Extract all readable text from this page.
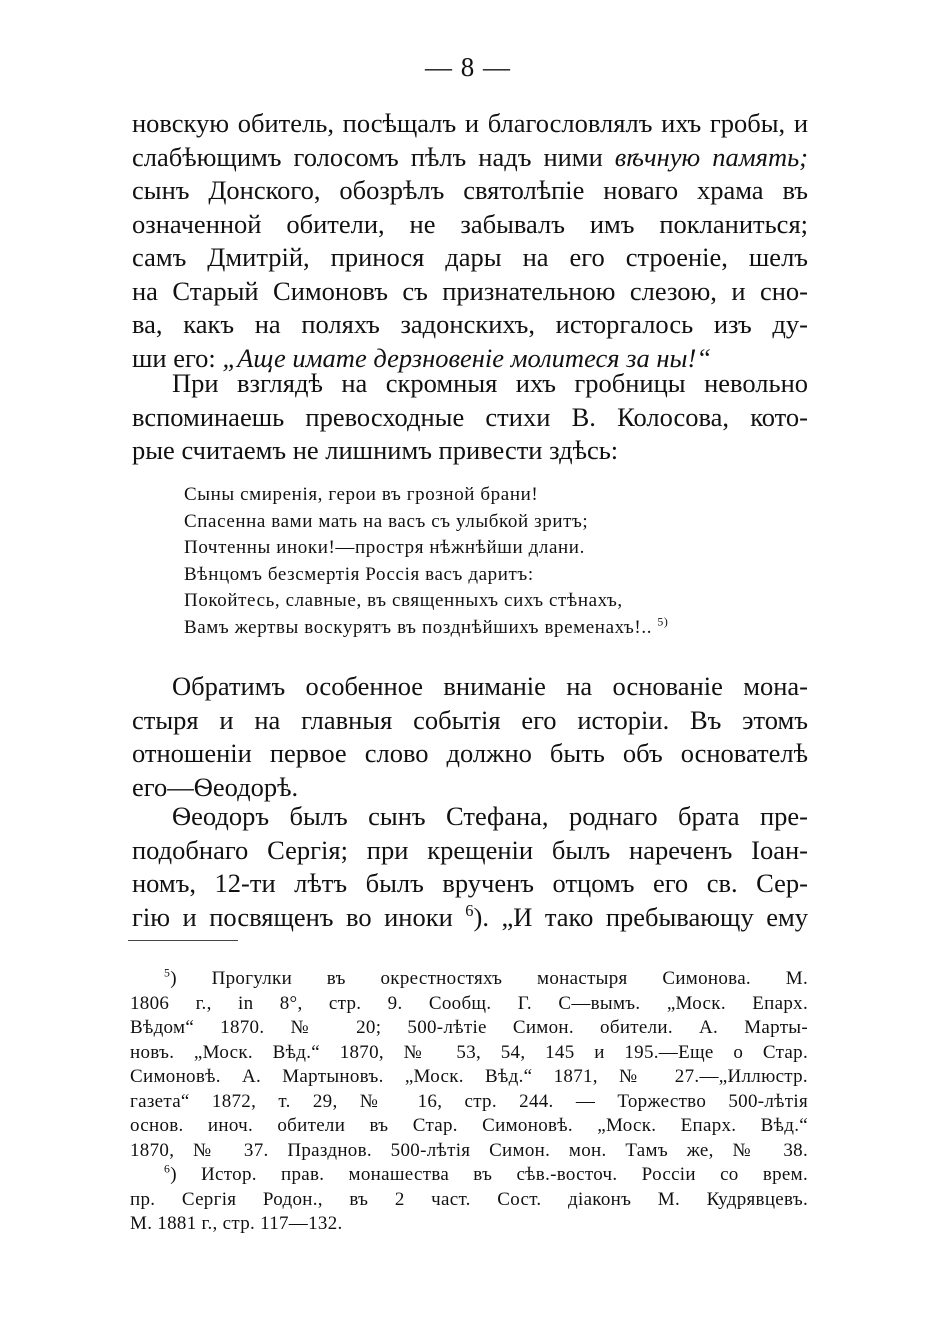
— 8 —
новскую обитель, посѣщалъ и благословлялъ ихъ гробы, и
слабѣющимъ голосомъ пѣлъ надъ ними вѣчную память;
сынъ Донского, обозрѣлъ святолѣпіе новаго храма въ
означенной обители, не забывалъ имъ покланиться;
самъ Дмитрій, принося дары на его строеніе, шелъ
на Старый Симоновъ съ признательною слезою, и сно-
ва, какъ на поляхъ задонскихъ, исторгалось изъ ду-
ши его: „Аще имате дерзновеніе молитеся за ны!“
При взглядѣ на скромныя ихъ гробницы невольно
вспоминаешь превосходные стихи В. Колосова, кото-
рые считаемъ не лишнимъ привести здѣсь:
Сыны смиренія, герои въ грозной брани!
Спасенна вами мать на васъ съ улыбкой зритъ;
Почтенны иноки!—простря нѣжнѣйши длани.
Вѣнцомъ безсмертія Россія васъ даритъ:
Покойтесь, славные, въ священныхъ сихъ стѣнахъ,
Вамъ жертвы воскурятъ въ позднѣйшихъ временахъ!.. $^{5)}$
Обратимъ особенное вниманіе на основаніе мона-
стыря и на главныя событія его исторіи. Въ этомъ
отношеніи первое слово должно быть объ основателѣ
его—Ѳеодорѣ.
Ѳеодоръ былъ сынъ Стефана, роднаго брата пре-
подобнаго Сергія; при крещеніи былъ нареченъ Іоан-
номъ, 12-ти лѣтъ былъ врученъ отцомъ его св. Сер-
гію и посвященъ во иноки $^6$). „И тако пребывающу ему
$^5$) Прогулки въ окрестностяхъ монастыря Симонова. М.
1806 г., in 8°, стр. 9. Сообщ. Г. С—вымъ. „Моск. Епарх.
Вѣдом“ 1870. № 20; 500-лѣтіе Симон. обители. А. Марты-
новъ. „Моск. Вѣд.“ 1870, № 53, 54, 145 и 195.—Еще о Стар.
Симоновѣ. А. Мартыновъ. „Моск. Вѣд.“ 1871, № 27.—„Иллюстр.
газета“ 1872, т. 29, № 16, стр. 244. — Торжество 500-лѣтія
основ. иноч. обители въ Стар. Симоновѣ. „Моск. Епарх. Вѣд.“
1870, № 37. Празднов. 500-лѣтія Симон. мон. Тамъ же, № 38.
$^6$) Истор. прав. монашества въ сѣв.-восточ. Россіи со врем.
пр. Сергія Родон., въ 2 част. Сост. діаконъ М. Кудрявцевъ.
М. 1881 г., стр. 117—132.
